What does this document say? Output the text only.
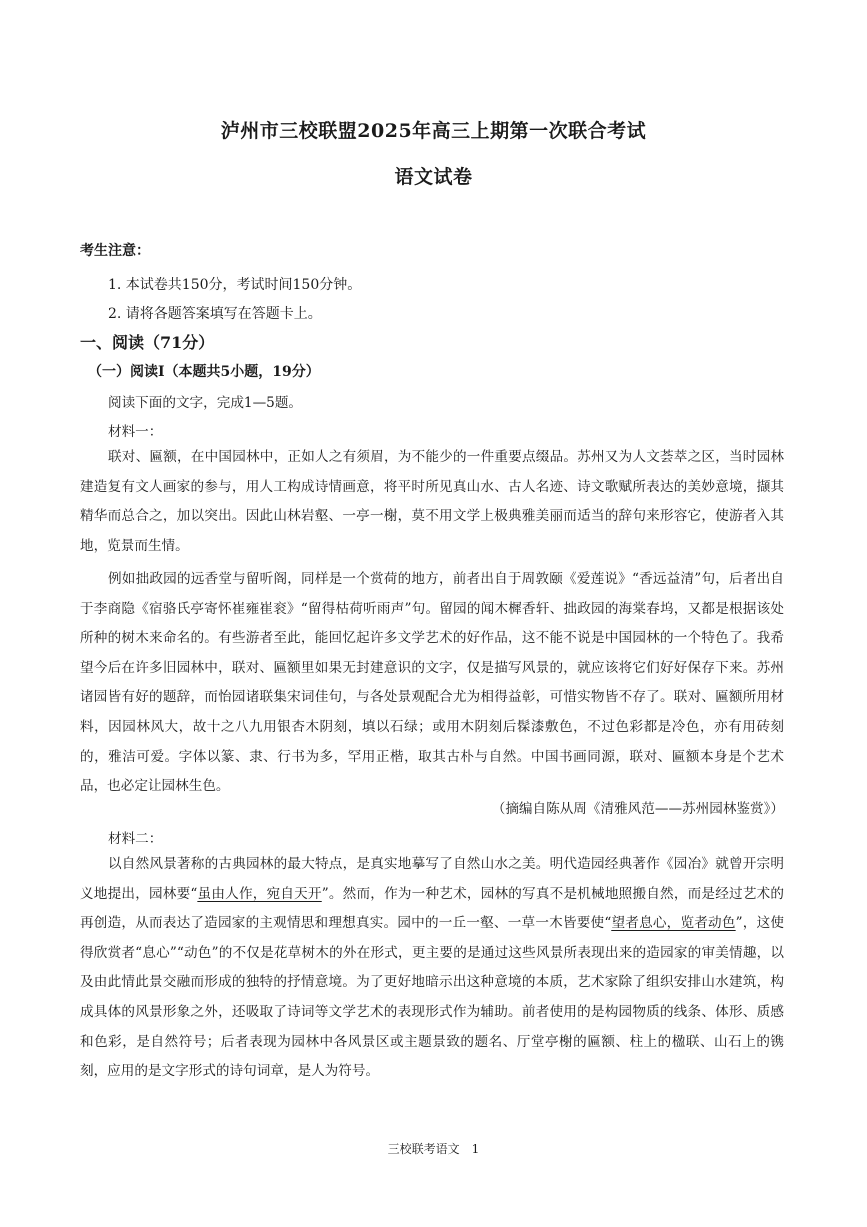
泸州市三校联盟2025年高三上期第一次联合考试
语文试卷
考生注意：
1. 本试卷共150分，考试时间150分钟。
2. 请将各题答案填写在答题卡上。
一、阅读（71分）
（一）阅读Ⅰ（本题共5小题，19分）
阅读下面的文字，完成1—5题。
材料一：
联对、匾额，在中国园林中，正如人之有须眉，为不能少的一件重要点缀品。苏州又为人文荟萃之区，当时园林建造复有文人画家的参与，用人工构成诗情画意，将平时所见真山水、古人名迹、诗文歌赋所表达的美妙意境，撷其精华而总合之，加以突出。因此山林岩壑、一亭一榭，莫不用文学上极典雅美丽而适当的辞句来形容它，使游者入其地，览景而生情。
例如拙政园的远香堂与留听阁，同样是一个赏荷的地方，前者出自于周敦颐《爱莲说》“香远益清”句，后者出自于李商隐《宿骆氏亭寄怀崔雍崔衮》“留得枯荷听雨声”句。留园的闻木樨香轩、拙政园的海棠春坞，又都是根据该处所种的树木来命名的。有些游者至此，能回忆起许多文学艺术的好作品，这不能不说是中国园林的一个特色了。我希望今后在许多旧园林中，联对、匾额里如果无封建意识的文字，仅是描写风景的，就应该将它们好好保存下来。苏州诸园皆有好的题辞，而怡园诸联集宋词佳句，与各处景观配合尤为相得益彰，可惜实物皆不存了。联对、匾额所用材料，因园林风大，故十之八九用银杏木阴刻，填以石绿；或用木阴刻后髹漆敷色，不过色彩都是冷色，亦有用砖刻的，雅洁可爱。字体以篆、隶、行书为多，罕用正楷，取其古朴与自然。中国书画同源，联对、匾额本身是个艺术品，也必定让园林生色。
（摘编自陈从周《清雅风范——苏州园林鉴赏》）
材料二：
以自然风景著称的古典园林的最大特点，是真实地摹写了自然山水之美。明代造园经典著作《园冶》就曾开宗明义地提出，园林要“虽由人作，宛自天开”。然而，作为一种艺术，园林的写真不是机械地照搬自然，而是经过艺术的再创造，从而表达了造园家的主观情思和理想真实。园中的一丘一壑、一草一木皆要使“望者息心，览者动色”，这使得欣赏者“息心”“动色”的不仅是花草树木的外在形式，更主要的是通过这些风景所表现出来的造园家的审美情趣，以及由此情此景交融而形成的独特的抒情意境。为了更好地暗示出这种意境的本质，艺术家除了组织安排山水建筑，构成具体的风景形象之外，还吸取了诗词等文学艺术的表现形式作为辅助。前者使用的是构园物质的线条、体形、质感和色彩，是自然符号；后者表现为园林中各风景区或主题景致的题名、厅堂亭榭的匾额、柱上的楹联、山石上的镌刻，应用的是文字形式的诗句词章，是人为符号。
三校联考语文　1
